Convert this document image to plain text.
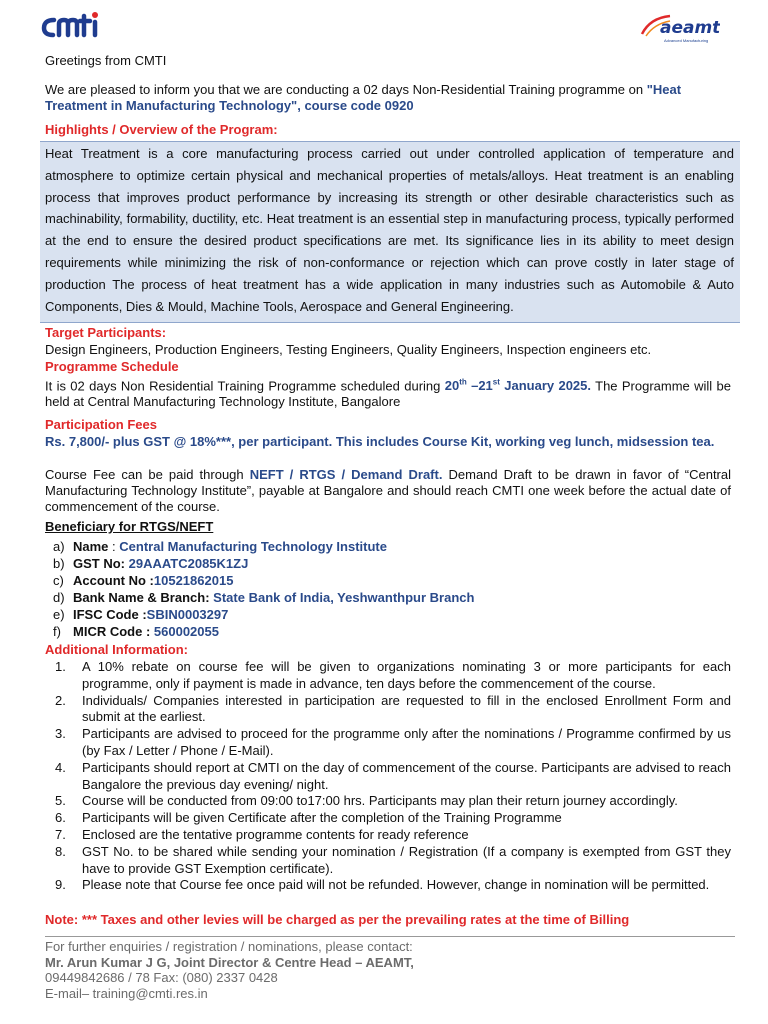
aeamt
Advanced Manufacturing
Greetings from CMTI
We are pleased to inform you that we are conducting a 02 days Non-Residential Training programme on "Heat Treatment in Manufacturing Technology", course code 0920
Highlights / Overview of the Program:
Heat Treatment is a core manufacturing process carried out under controlled application of temperature and atmosphere to optimize certain physical and mechanical properties of metals/alloys. Heat treatment is an enabling process that improves product performance by increasing its strength or other desirable characteristics such as machinability, formability, ductility, etc. Heat treatment is an essential step in manufacturing process, typically performed at the end to ensure the desired product specifications are met. Its significance lies in its ability to meet design requirements while minimizing the risk of non-conformance or rejection which can prove costly in later stage of production The process of heat treatment has a wide application in many industries such as Automobile & Auto Components, Dies & Mould, Machine Tools, Aerospace and General Engineering.
Target Participants:
Design Engineers, Production Engineers, Testing Engineers, Quality Engineers, Inspection engineers etc.
Programme Schedule
It is 02 days Non Residential Training Programme scheduled during 20th –21st January 2025. The Programme will be held at Central Manufacturing Technology Institute, Bangalore
Participation Fees
Rs. 7,800/- plus GST @ 18%***, per participant. This includes Course Kit, working veg lunch, midsession tea.
Course Fee can be paid through NEFT / RTGS / Demand Draft. Demand Draft to be drawn in favor of “Central Manufacturing Technology Institute”, payable at Bangalore and should reach CMTI one week before the actual date of commencement of the course.
Beneficiary for RTGS/NEFT
a) Name : Central Manufacturing Technology Institute
b) GST No:
29AAATC2085K1ZJ
c) Account No : 10521862015
d) Bank Name & Branch:
State Bank of India, Yeshwanthpur Branch
e) IFSC Code : SBIN0003297
f) MICR Code :
560002055
Additional Information:
1.	A 10% rebate on course fee will be given to organizations nominating 3 or more participants for each programme, only if payment is made in advance, ten days before the commencement of the course.
2.	Individuals/ Companies interested in participation are requested to fill in the enclosed Enrollment Form and submit at the earliest.
3.	Participants are advised to proceed for the programme only after the nominations / Programme confirmed by us (by Fax / Letter / Phone / E-Mail).
4.	Participants should report at CMTI on the day of commencement of the course. Participants are advised to reach Bangalore the previous day evening/ night.
5.	Course will be conducted from 09:00 to17:00 hrs. Participants may plan their return journey accordingly.
6.	Participants will be given Certificate after the completion of the Training Programme
7.	Enclosed are the tentative programme contents for ready reference
8.	GST No. to be shared while sending your nomination / Registration (If a company is exempted from GST they have to provide GST Exemption certificate).
9.	Please note that Course fee once paid will not be refunded. However, change in nomination will be permitted.
Note: *** Taxes and other levies will be charged as per the prevailing rates at the time of Billing
For further enquiries / registration / nominations, please contact:
Mr. Arun Kumar J G, Joint Director & Centre Head – AEAMT,
09449842686 / 78 Fax: (080) 2337 0428
E-mail– training@cmti.res.in
